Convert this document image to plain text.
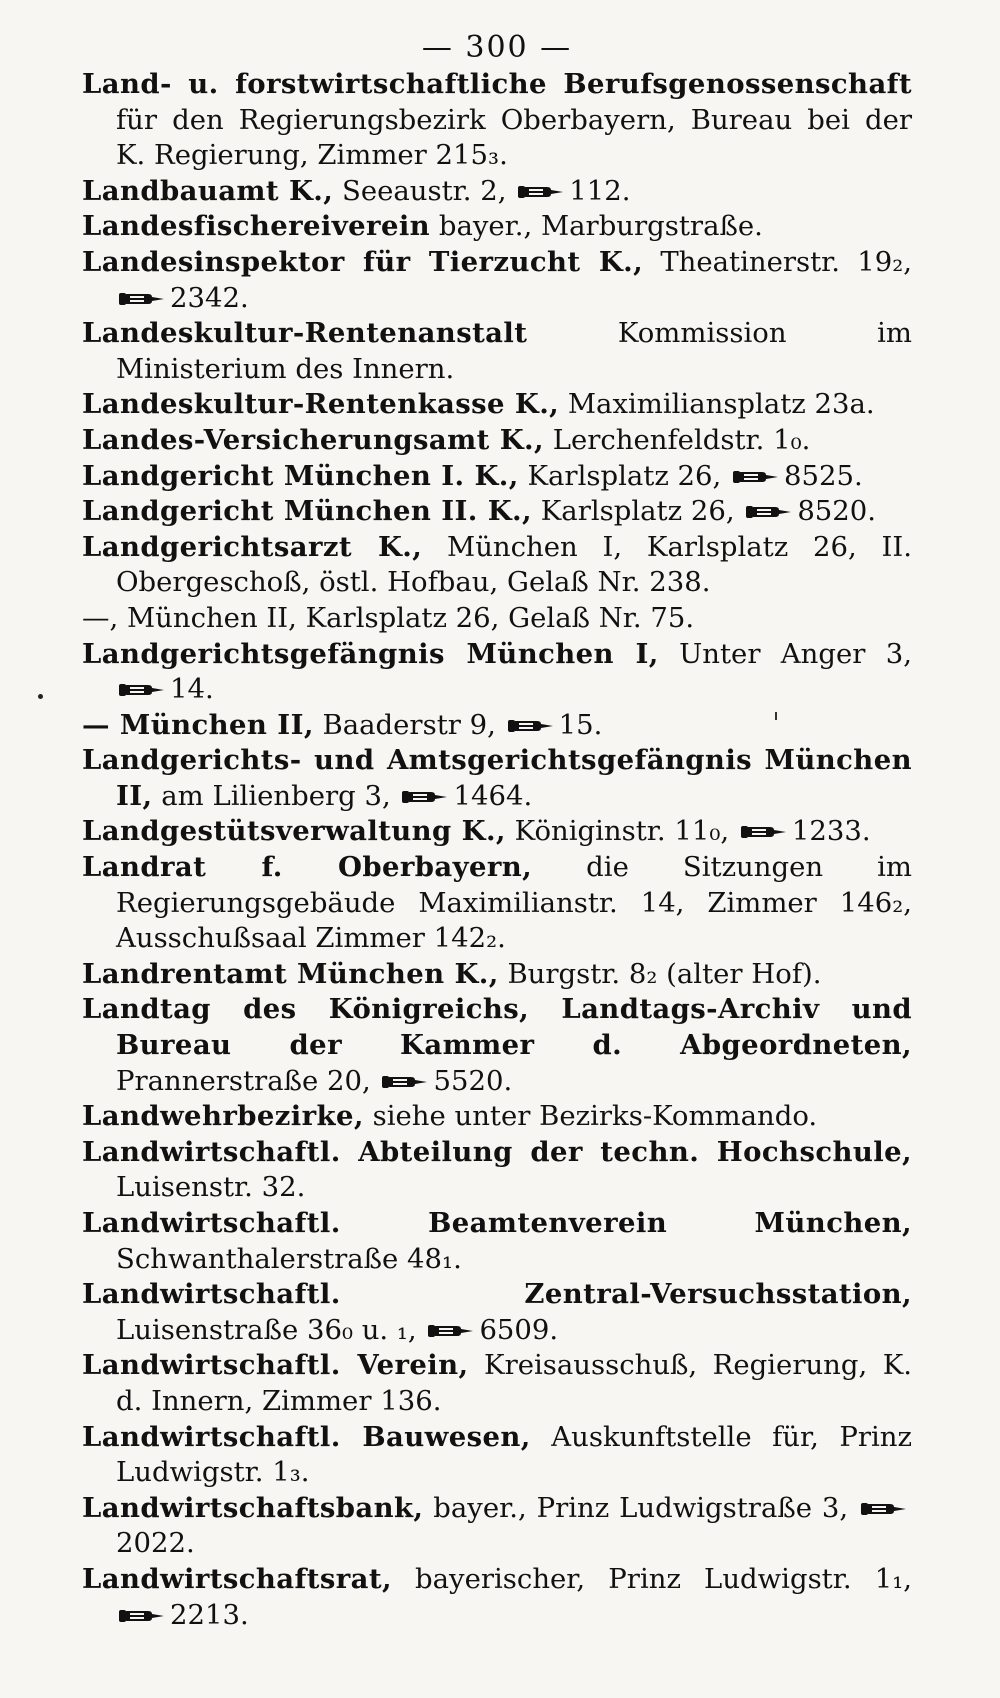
— 300 —
Land- u. forstwirtschaftliche Berufsgenossenschaft für den Regierungsbezirk Oberbayern, Bureau bei der K. Regierung, Zimmer 215₃.
Landbauamt K., Seeaustr. 2, 112.
Landesfischereiverein bayer., Marburgstraße.
Landesinspektor für Tierzucht K., Theatinerstr. 19₂,
2342.
Landeskultur-Rentenanstalt Kommission im Ministerium des Innern.
Landeskultur-Rentenkasse K., Maximiliansplatz 23a.
Landes-Versicherungsamt K., Lerchenfeldstr. 1₀.
Landgericht München I. K., Karlsplatz 26, 8525.
Landgericht München II. K., Karlsplatz 26, 8520.
Landgerichtsarzt K., München I, Karlsplatz 26, II. Obergeschoß, östl. Hofbau, Gelaß Nr. 238.
—, München II, Karlsplatz 26, Gelaß Nr. 75.
Landgerichtsgefängnis München I, Unter Anger 3,
14.
— München II, Baaderstr 9, 15.
Landgerichts- und Amtsgerichtsgefängnis München II, am Lilienberg 3, 1464.
Landgestütsverwaltung K., Königinstr. 11₀, 1233.
Landrat f. Oberbayern, die Sitzungen im Regierungsgebäude Maximilianstr. 14, Zimmer 146₂, Ausschußsaal Zimmer 142₂.
Landrentamt München K., Burgstr. 8₂ (alter Hof).
Landtag des Königreichs, Landtags-Archiv und Bureau der Kammer d. Abgeordneten, Prannerstraße 20, 5520.
Landwehrbezirke, siehe unter Bezirks-Kommando.
Landwirtschaftl. Abteilung der techn. Hochschule, Luisenstr. 32.
Landwirtschaftl. Beamtenverein München, Schwanthalerstraße 48₁.
Landwirtschaftl. Zentral-Versuchsstation, Luisenstraße 36₀ u. ₁, 6509.
Landwirtschaftl. Verein, Kreisausschuß, Regierung, K. d. Innern, Zimmer 136.
Landwirtschaftl. Bauwesen, Auskunftstelle für, Prinz Ludwigstr. 1₃.
Landwirtschaftsbank, bayer., Prinz Ludwigstraße 3,
2022.
Landwirtschaftsrat, bayerischer, Prinz Ludwigstr. 1₁,
2213.
